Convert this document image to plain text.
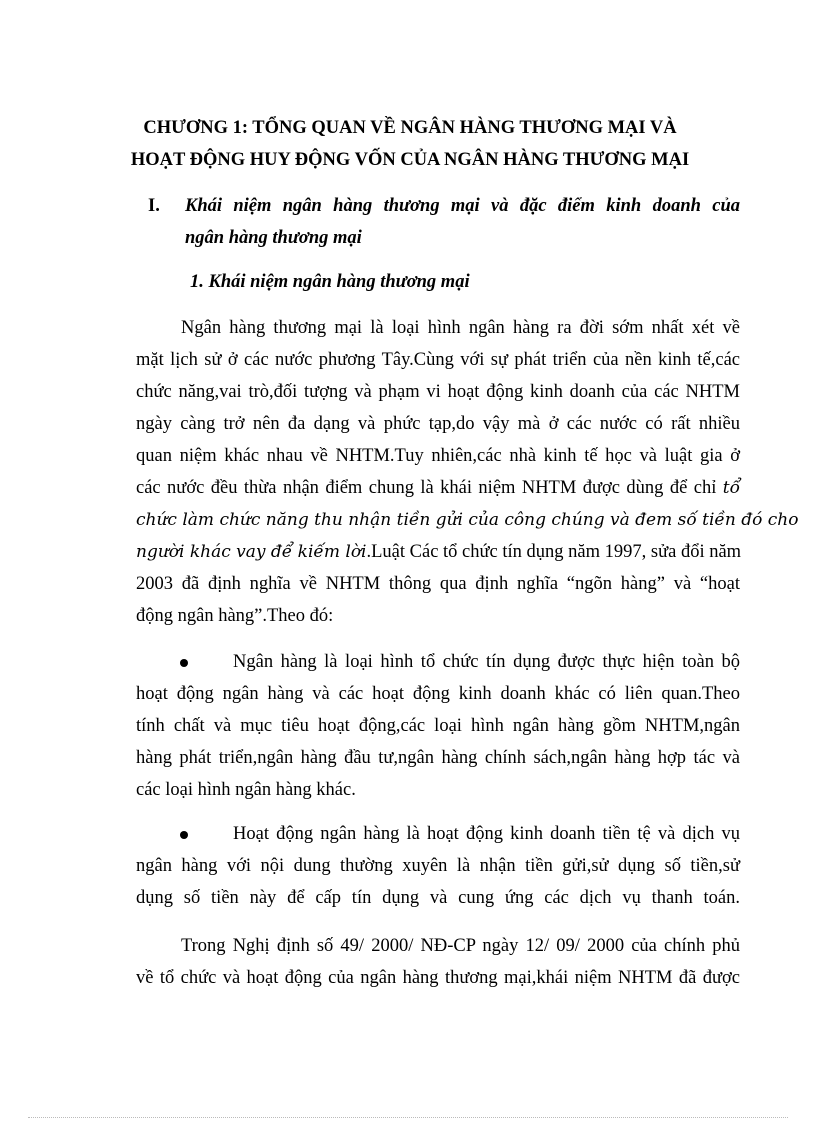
CHƯƠNG 1: TỔNG QUAN VỀ NGÂN HÀNG THƯƠNG MẠI VÀ
HOẠT ĐỘNG HUY ĐỘNG VỐN CỦA NGÂN HÀNG THƯƠNG MẠI
I. Khái niệm ngân hàng thương mại và đặc điểm kinh doanh của
ngân hàng thương mại
1. Khái niệm ngân hàng thương mại
Ngân hàng thương mại là loại hình ngân hàng ra đời sớm nhất xét về
mặt lịch sử ở các nước phương Tây.Cùng với sự phát triển của nền kinh tế,các
chức năng,vai trò,đối tượng và phạm vi hoạt động kinh doanh của các NHTM
ngày càng trở nên đa dạng và phức tạp,do vậy mà ở các nước có rất nhiều
quan niệm khác nhau về NHTM.Tuy nhiên,các nhà kinh tế học và luật gia ở
các nước đều thừa nhận điểm chung là khái niệm NHTM được dùng để chỉ tổ
chức làm chức năng thu nhận tiền gửi của công chúng và đem số tiền đó cho
người khác vay để kiếm lời.Luật Các tổ chức tín dụng năm 1997, sửa đổi năm
2003 đã định nghĩa về NHTM thông qua định nghĩa “ngõn hàng” và “hoạt
động ngân hàng”.Theo đó:
Ngân hàng là loại hình tổ chức tín dụng được thực hiện toàn bộ
hoạt động ngân hàng và các hoạt động kinh doanh khác có liên quan.Theo
tính chất và mục tiêu hoạt động,các loại hình ngân hàng gồm NHTM,ngân
hàng phát triển,ngân hàng đầu tư,ngân hàng chính sách,ngân hàng hợp tác và
các loại hình ngân hàng khác.
Hoạt động ngân hàng là hoạt động kinh doanh tiền tệ và dịch vụ
ngân hàng với nội dung thường xuyên là nhận tiền gửi,sử dụng số tiền,sử
dụng số tiền này để cấp tín dụng và cung ứng các dịch vụ thanh toán.
Trong Nghị định số 49/ 2000/ NĐ-CP ngày 12/ 09/ 2000 của chính phủ
về tổ chức và hoạt động của ngân hàng thương mại,khái niệm NHTM đã được
